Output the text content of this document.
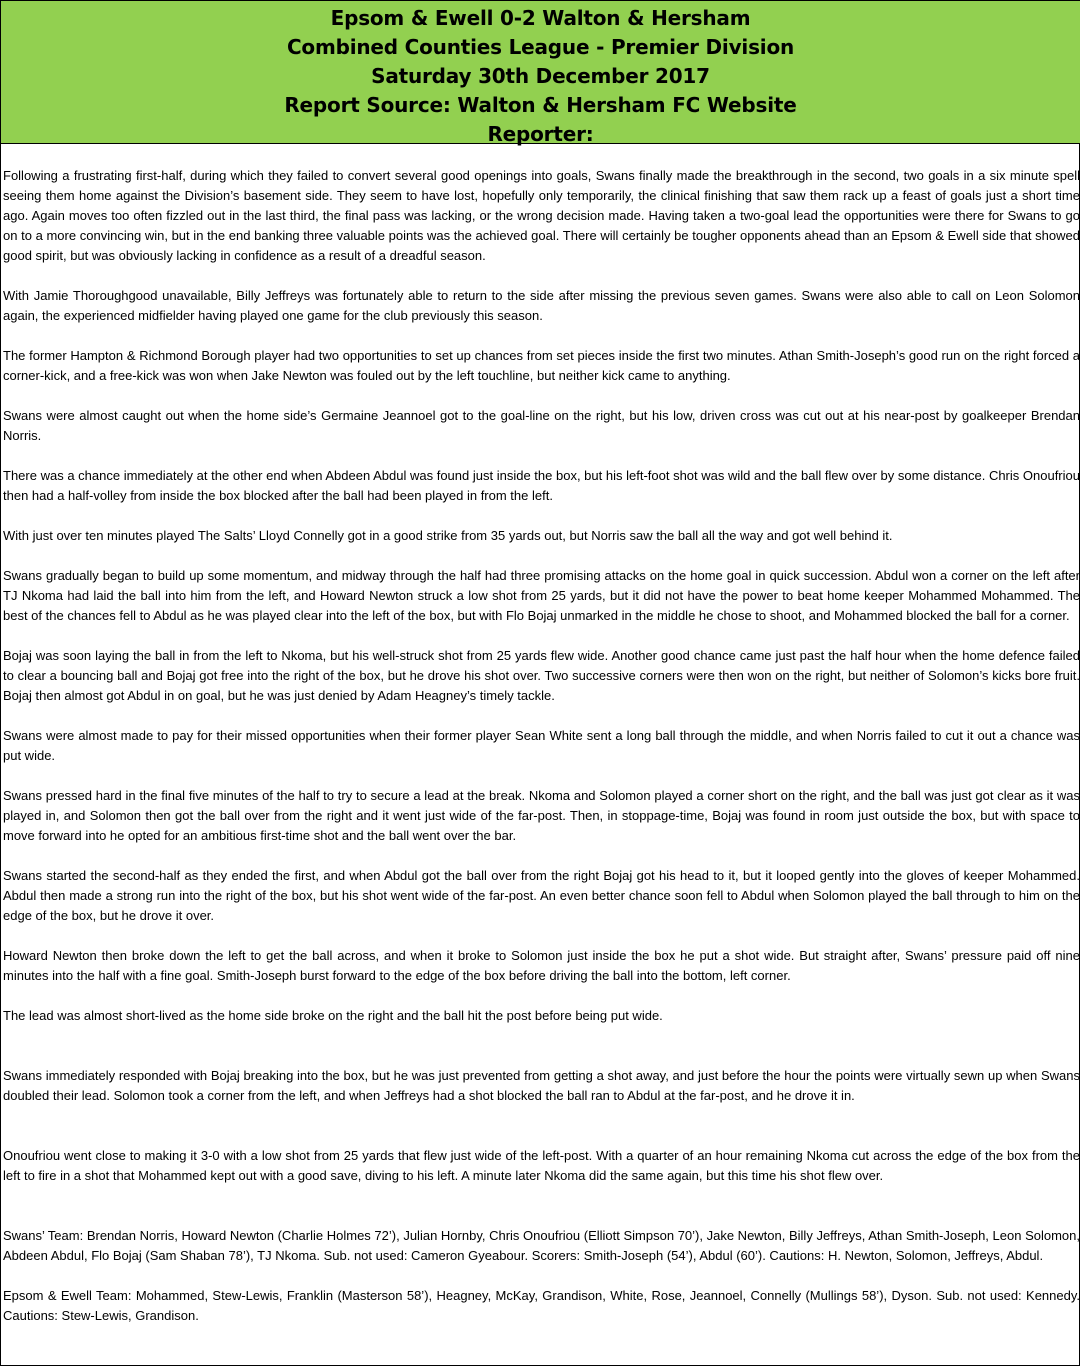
Epsom & Ewell 0-2 Walton & Hersham
Combined Counties League - Premier Division
Saturday 30th December 2017
Report Source: Walton & Hersham FC Website
Reporter:

Following a frustrating first-half, during which they failed to convert several good openings into goals, Swans finally made the breakthrough in the second, two goals in a six minute spell seeing them home against the Division’s basement side. They seem to have lost, hopefully only temporarily, the clinical finishing that saw them rack up a feast of goals just a short time ago. Again moves too often fizzled out in the last third, the final pass was lacking, or the wrong decision made. Having taken a two-goal lead the opportunities were there for Swans to go on to a more convincing win, but in the end banking three valuable points was the achieved goal. There will certainly be tougher opponents ahead than an Epsom & Ewell side that showed good spirit, but was obviously lacking in confidence as a result of a dreadful season.

With Jamie Thoroughgood unavailable, Billy Jeffreys was fortunately able to return to the side after missing the previous seven games. Swans were also able to call on Leon Solomon again, the experienced midfielder having played one game for the club previously this season.

The former Hampton & Richmond Borough player had two opportunities to set up chances from set pieces inside the first two minutes. Athan Smith-Joseph’s good run on the right forced a corner-kick, and a free-kick was won when Jake Newton was fouled out by the left touchline, but neither kick came to anything.

Swans were almost caught out when the home side’s Germaine Jeannoel got to the goal-line on the right, but his low, driven cross was cut out at his near-post by goalkeeper Brendan Norris.

There was a chance immediately at the other end when Abdeen Abdul was found just inside the box, but his left-foot shot was wild and the ball flew over by some distance. Chris Onoufriou then had a half-volley from inside the box blocked after the ball had been played in from the left.

With just over ten minutes played The Salts’ Lloyd Connelly got in a good strike from 35 yards out, but Norris saw the ball all the way and got well behind it.

Swans gradually began to build up some momentum, and midway through the half had three promising attacks on the home goal in quick succession. Abdul won a corner on the left after TJ Nkoma had laid the ball into him from the left, and Howard Newton struck a low shot from 25 yards, but it did not have the power to beat home keeper Mohammed Mohammed. The best of the chances fell to Abdul as he was played clear into the left of the box, but with Flo Bojaj unmarked in the middle he chose to shoot, and Mohammed blocked the ball for a corner.

Bojaj was soon laying the ball in from the left to Nkoma, but his well-struck shot from 25 yards flew wide. Another good chance came just past the half hour when the home defence failed to clear a bouncing ball and Bojaj got free into the right of the box, but he drove his shot over. Two successive corners were then won on the right, but neither of Solomon’s kicks bore fruit. Bojaj then almost got Abdul in on goal, but he was just denied by Adam Heagney’s timely tackle.

Swans were almost made to pay for their missed opportunities when their former player Sean White sent a long ball through the middle, and when Norris failed to cut it out a chance was put wide.

Swans pressed hard in the final five minutes of the half to try to secure a lead at the break. Nkoma and Solomon played a corner short on the right, and the ball was just got clear as it was played in, and Solomon then got the ball over from the right and it went just wide of the far-post. Then, in stoppage-time, Bojaj was found in room just outside the box, but with space to move forward into he opted for an ambitious first-time shot and the ball went over the bar.

Swans started the second-half as they ended the first, and when Abdul got the ball over from the right Bojaj got his head to it, but it looped gently into the gloves of keeper Mohammed. Abdul then made a strong run into the right of the box, but his shot went wide of the far-post. An even better chance soon fell to Abdul when Solomon played the ball through to him on the edge of the box, but he drove it over.

Howard Newton then broke down the left to get the ball across, and when it broke to Solomon just inside the box he put a shot wide. But straight after, Swans’ pressure paid off nine minutes into the half with a fine goal. Smith-Joseph burst forward to the edge of the box before driving the ball into the bottom, left corner.

The lead was almost short-lived as the home side broke on the right and the ball hit the post before being put wide.

Swans immediately responded with Bojaj breaking into the box, but he was just prevented from getting a shot away, and just before the hour the points were virtually sewn up when Swans doubled their lead. Solomon took a corner from the left, and when Jeffreys had a shot blocked the ball ran to Abdul at the far-post, and he drove it in.

Onoufriou went close to making it 3-0 with a low shot from 25 yards that flew just wide of the left-post. With a quarter of an hour remaining Nkoma cut across the edge of the box from the left to fire in a shot that Mohammed kept out with a good save, diving to his left. A minute later Nkoma did the same again, but this time his shot flew over.

Swans’ Team: Brendan Norris, Howard Newton (Charlie Holmes 72’), Julian Hornby, Chris Onoufriou (Elliott Simpson 70’), Jake Newton, Billy Jeffreys, Athan Smith-Joseph, Leon Solomon, Abdeen Abdul, Flo Bojaj (Sam Shaban 78’), TJ Nkoma. Sub. not used: Cameron Gyeabour. Scorers: Smith-Joseph (54’), Abdul (60’). Cautions: H. Newton, Solomon, Jeffreys, Abdul.

Epsom & Ewell Team: Mohammed, Stew-Lewis, Franklin (Masterson 58’), Heagney, McKay, Grandison, White, Rose, Jeannoel, Connelly (Mullings 58’), Dyson. Sub. not used: Kennedy. Cautions: Stew-Lewis, Grandison.
